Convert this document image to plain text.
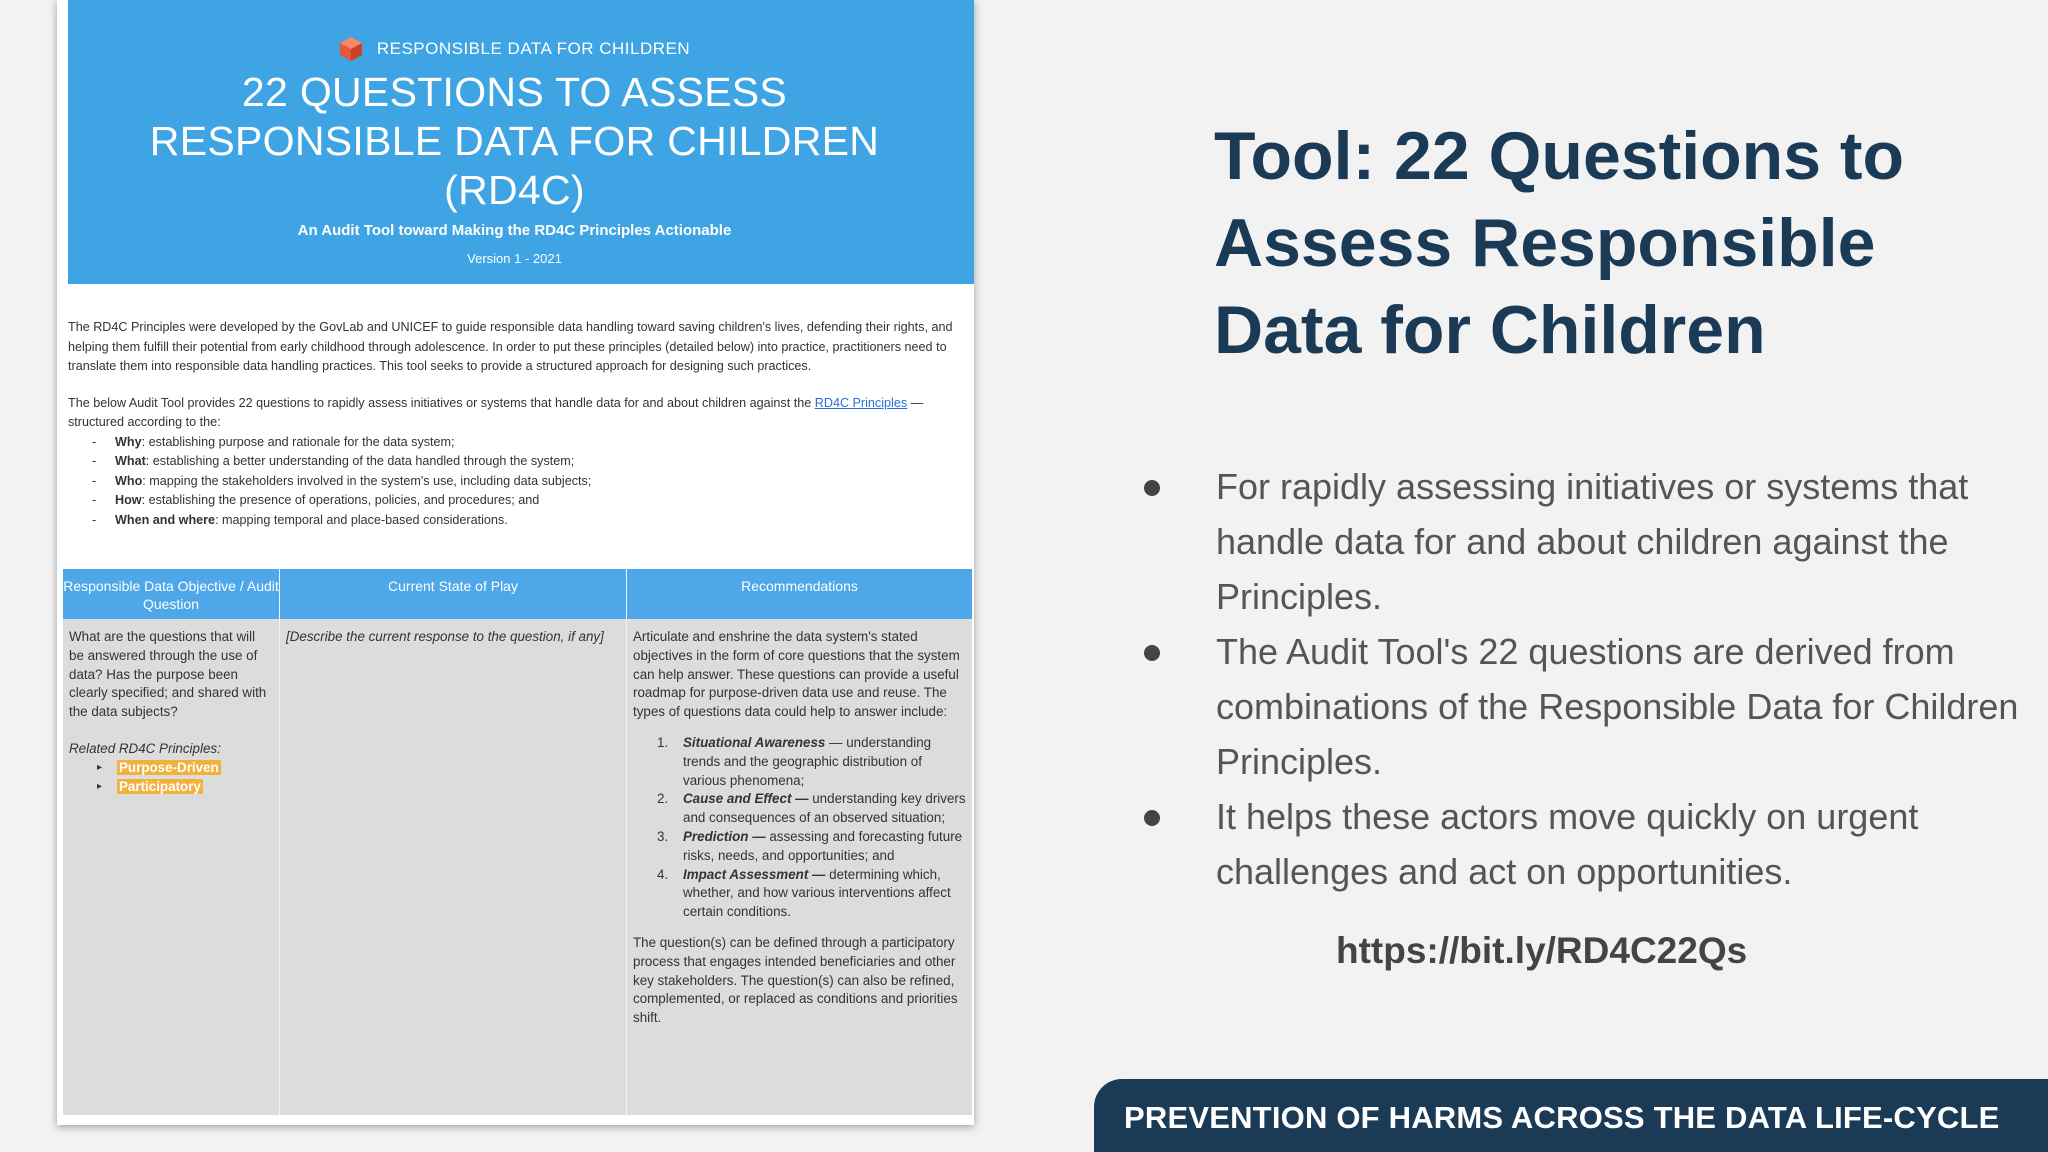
RESPONSIBLE DATA FOR CHILDREN
22 QUESTIONS TO ASSESS
RESPONSIBLE DATA FOR CHILDREN
(RD4C)
An Audit Tool toward Making the RD4C Principles Actionable
Version 1 - 2021

The RD4C Principles were developed by the GovLab and UNICEF to guide responsible data handling toward saving children's lives, defending their rights, and helping them fulfill their potential from early childhood through adolescence. In order to put these principles (detailed below) into practice, practitioners need to translate them into responsible data handling practices. This tool seeks to provide a structured approach for designing such practices.

The below Audit Tool provides 22 questions to rapidly assess initiatives or systems that handle data for and about children against the RD4C Principles — structured according to the:
- Why: establishing purpose and rationale for the data system;
- What: establishing a better understanding of the data handled through the system;
- Who: mapping the stakeholders involved in the system's use, including data subjects;
- How: establishing the presence of operations, policies, and procedures; and
- When and where: mapping temporal and place-based considerations.
Responsible Data Objective / Audit Question
Current State of Play	Recommendations
What are the questions that will be answered through the use of data? Has the purpose been clearly specified; and shared with the data subjects?
Related RD4C Principles:
▸ Purpose-Driven
▸ Participatory
[Describe the current response to the question, if any]	Articulate and enshrine the data system's stated objectives in the form of core questions that the system can help answer. These questions can provide a useful roadmap for purpose-driven data use and reuse. The types of questions data could help to answer include:
1. Situational Awareness — understanding trends and the geographic distribution of various phenomena;
2. Cause and Effect — understanding key drivers and consequences of an observed situation;
3. Prediction — assessing and forecasting future risks, needs, and opportunities; and
4. Impact Assessment — determining which, whether, and how various interventions affect certain conditions.
The question(s) can be defined through a participatory process that engages intended beneficiaries and other key stakeholders. The question(s) can also be refined, complemented, or replaced as conditions and priorities shift.
Tool: 22 Questions to Assess Responsible Data for Children
For rapidly assessing initiatives or systems that handle data for and about children against the Principles.
The Audit Tool's 22 questions are derived from combinations of the Responsible Data for Children Principles.
It helps these actors move quickly on urgent challenges and act on opportunities.
https://bit.ly/RD4C22Qs
PREVENTION OF HARMS ACROSS THE DATA LIFE-CYCLE
